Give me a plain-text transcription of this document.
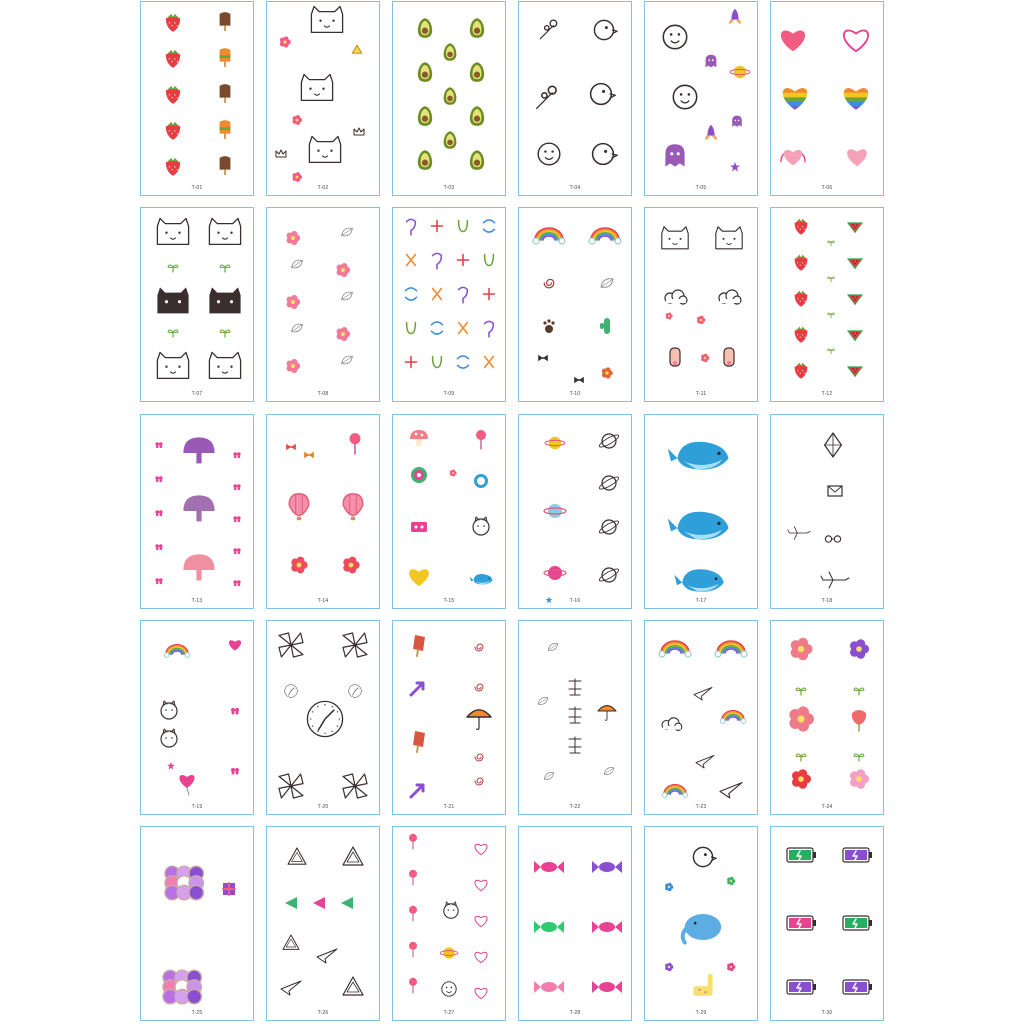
T-01	T-02	T-03	T-04	T-05	T-06
T-07	T-08	T-09	T-10	T-11	T-12
T-13	T-14	T-15	T-16	T-17	T-18
T-19	T-20	T-21	T-22	T-23	T-24
T-25	T-26	T-27	T-28	T-29	T-30
